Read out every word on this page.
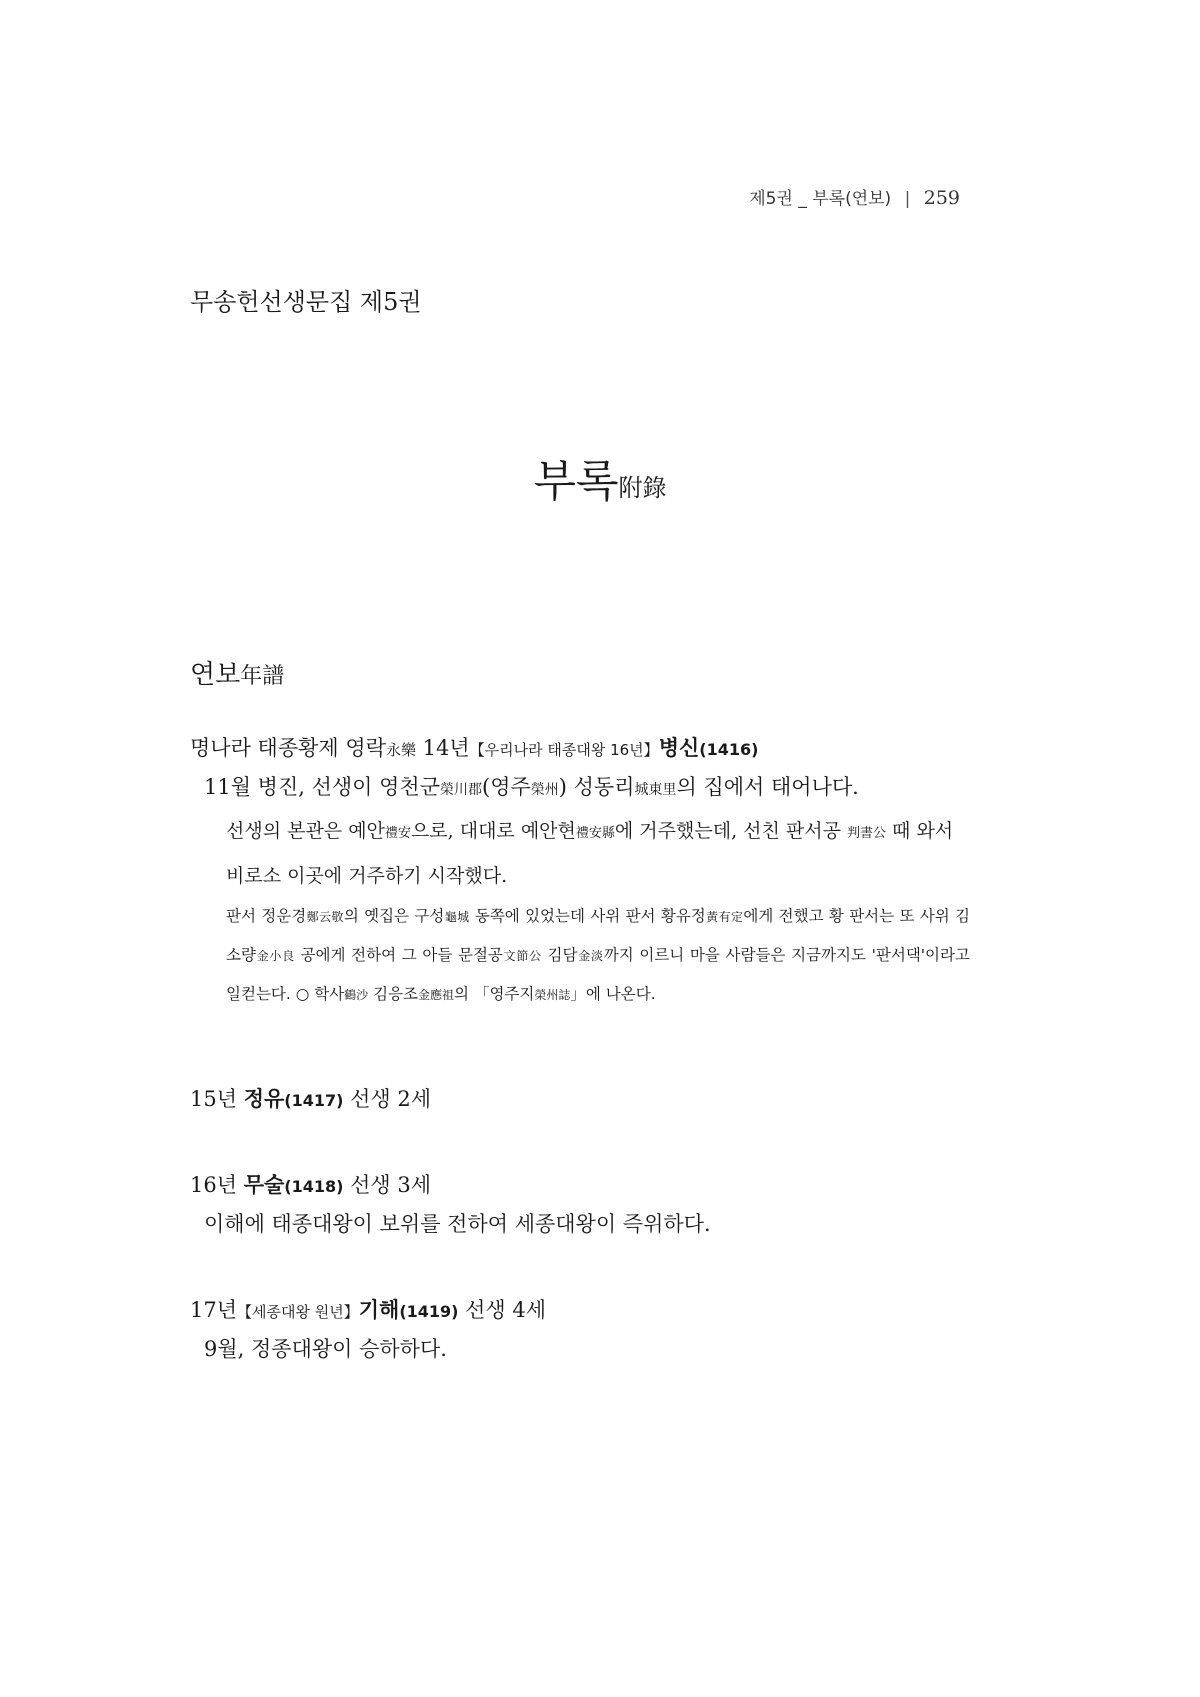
제5권 _ 부록(연보) | 259
무송헌선생문집 제5권
부록附錄
연보年譜
명나라 태종황제 영락永樂 14년【우리나라 태종대왕 16년】병신(1416)
11월 병진, 선생이 영천군榮川郡(영주榮州) 성동리城東里의 집에서 태어나다.
선생의 본관은 예안禮安으로, 대대로 예안현禮安縣에 거주했는데, 선친 판서공 判書公 때 와서 비로소 이곳에 거주하기 시작했다.
판서 정운경鄭云敬의 옛집은 구성龜城 동쪽에 있었는데 사위 판서 황유정黃有定에게 전했고 황 판서는 또 사위 김소량金小良 공에게 전하여 그 아들 문절공文節公 김담金淡까지 이르니 마을 사람들은 지금까지도 '판서댁'이라고 일컫는다. ○ 학사鶴沙 김응조金應祖의 「영주지榮州誌」에 나온다.
15년 정유(1417) 선생 2세
16년 무술(1418) 선생 3세
이해에 태종대왕이 보위를 전하여 세종대왕이 즉위하다.
17년【세종대왕 원년】기해(1419) 선생 4세
9월, 정종대왕이 승하하다.
